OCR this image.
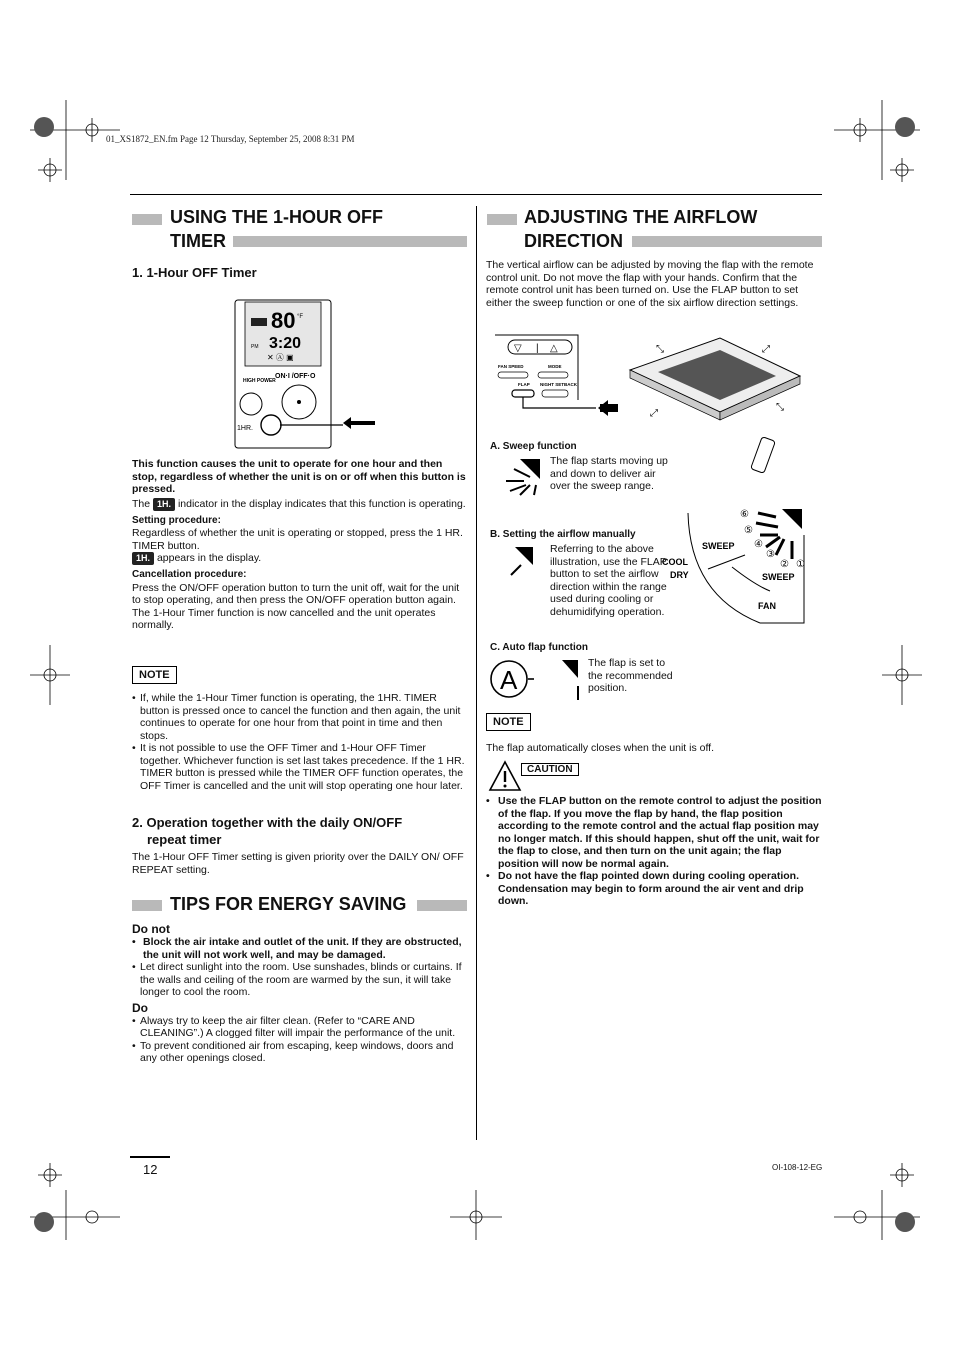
01_XS1872_EN.fm Page 12 Thursday, September 25, 2008 8:31 PM
USING THE 1-HOUR OFF
TIMER
1. 1-Hour OFF Timer
80 °F
3:20
PM
✕ Ⓐ ▣
HIGH POWER
ON·I /OFF·O
1HR.
This function causes the unit to operate for one hour and then stop, regardless of whether the unit is on or off when this button is pressed.
The 1H. indicator in the display indicates that this function is operating.
Setting procedure:
Regardless of whether the unit is operating or stopped, press the 1 HR. TIMER button.
1H. appears in the display.
Cancellation procedure:
Press the ON/OFF operation button to turn the unit off, wait for the unit to stop operating, and then press the ON/OFF operation button again.
The 1-Hour Timer function is now cancelled and the unit operates normally.
NOTE
• If, while the 1-Hour Timer function is operating, the 1HR. TIMER button is pressed once to cancel the function and then again, the unit continues to operate for one hour from that point in time and then stops.
• It is not possible to use the OFF Timer and 1-Hour OFF Timer together. Whichever function is set last takes precedence. If the 1 HR. TIMER button is pressed while the TIMER OFF function operates, the OFF Timer is cancelled and the unit will stop operating one hour later.
2. Operation together with the daily ON/OFF
repeat timer
The 1-Hour OFF Timer setting is given priority over the DAILY ON/ OFF REPEAT setting.
TIPS FOR ENERGY SAVING
Do not
• Block the air intake and outlet of the unit. If they are obstructed, the unit will not work well, and may be damaged.
• Let direct sunlight into the room. Use sunshades, blinds or curtains. If the walls and ceiling of the room are warmed by the sun, it will take longer to cool the room.
Do
• Always try to keep the air filter clean. (Refer to “CARE AND CLEANING”.) A clogged filter will impair the performance of the unit.
• To prevent conditioned air from escaping, keep windows, doors and any other openings closed.
ADJUSTING THE AIRFLOW
DIRECTION
The vertical airflow can be adjusted by moving the flap with the remote control unit. Do not move the flap with your hands. Confirm that the remote control unit has been turned on. Use the FLAP button to set either the sweep function or one of the six airflow direction settings.
▽ | △
FAN SPEED	MODE
FLAP NIGHT SETBACK
⤡	⤢
⤢
⤡
A. Sweep function
The flap starts moving up and down to deliver air over the sweep range.
B. Setting the airflow manually
Referring to the above illustration, use the FLAP button to set the airflow direction within the range used during cooling or dehumidifying operation.
⑥
⑤
④
③
② ①
SWEEP
COOL
DRY	SWEEP
FAN
C. Auto flap function
A
The flap is set to the recommended position.
NOTE
The flap automatically closes when the unit is off.
CAUTION
• Use the FLAP button on the remote control to adjust the position of the flap. If you move the flap by hand, the flap position according to the remote control and the actual flap position may no longer match. If this should happen, shut off the unit, wait for the flap to close, and then turn on the unit again; the flap position will now be normal again.
• Do not have the flap pointed down during cooling operation. Condensation may begin to form around the air vent and drip down.
12	OI-108-12-EG
